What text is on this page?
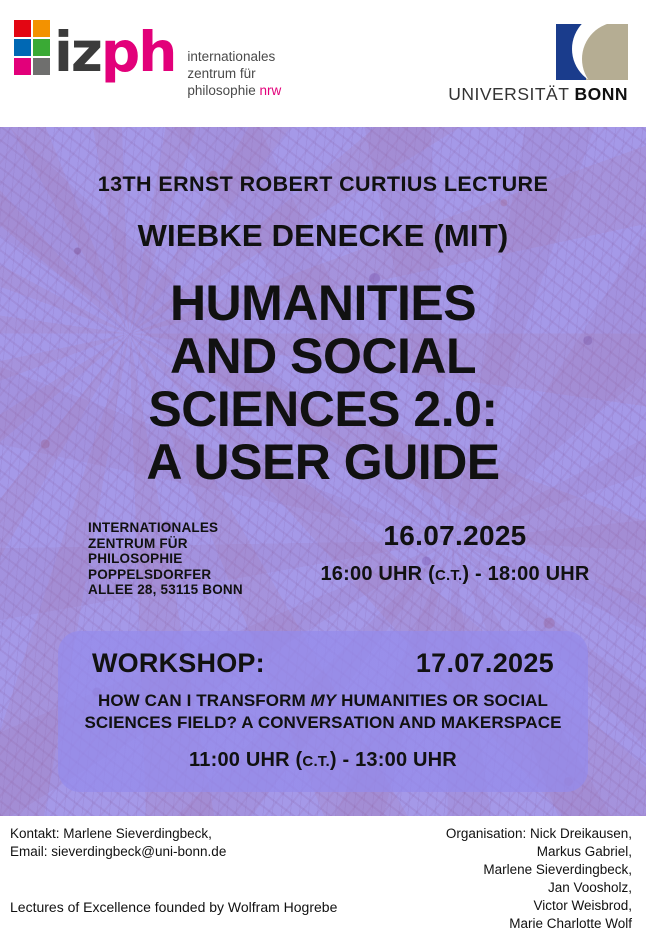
izph internationales
zentrum für
philosophie nrw	UNIVERSITÄT BONN
13TH ERNST ROBERT CURTIUS LECTURE
WIEBKE DENECKE (MIT)
HUMANITIES
AND SOCIAL
SCIENCES 2.0:
A USER GUIDE
INTERNATIONALES
ZENTRUM FÜR
PHILOSOPHIE
POPPELSDORFER
ALLEE 28, 53115 BONN
16.07.2025
16:00 UHR (C.T.) - 18:00 UHR
WORKSHOP:	17.07.2025
HOW CAN I TRANSFORM MY HUMANITIES OR SOCIAL SCIENCES FIELD? A CONVERSATION AND MAKERSPACE
11:00 UHR (C.T.) - 13:00 UHR
Kontakt: Marlene Sieverdingbeck,
Email: sieverdingbeck@uni-bonn.de
Organisation: Nick Dreikausen,
Markus Gabriel,
Marlene Sieverdingbeck,
Jan Voosholz,
Victor Weisbrod,
Marie Charlotte Wolf
Lectures of Excellence founded by Wolfram Hogrebe
